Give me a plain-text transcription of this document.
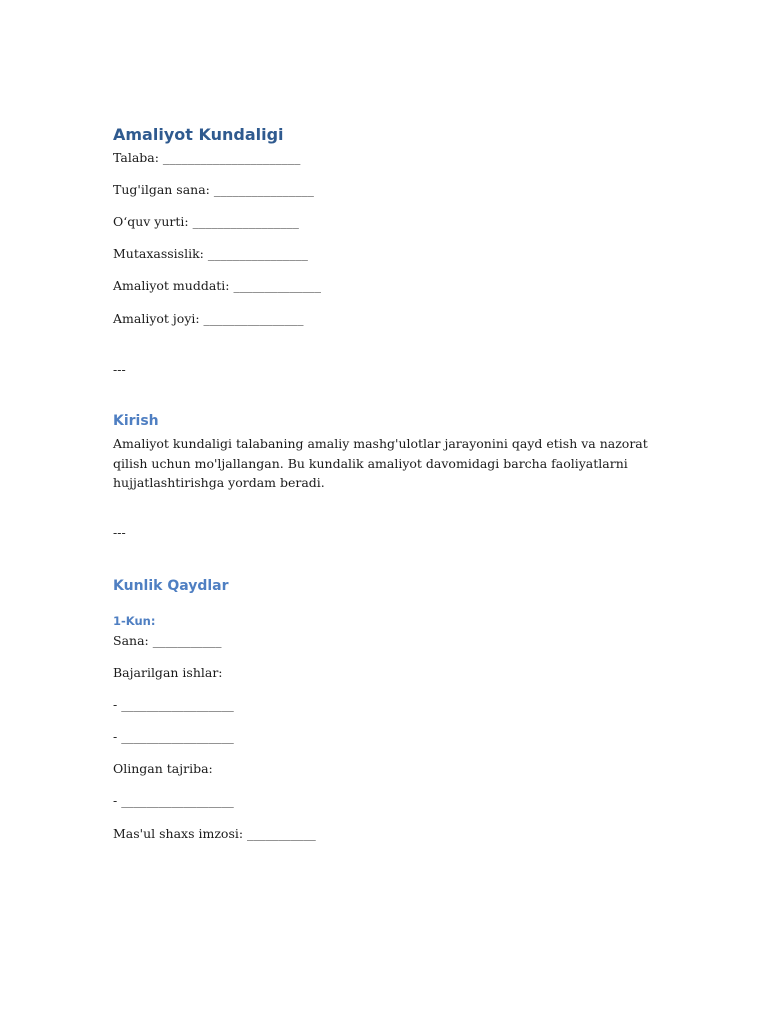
Amaliyot Kundaligi
Talaba: ______________________
Tug'ilgan sana: ________________
O‘quv yurti: _________________
Mutaxassislik: ________________
Amaliyot muddati: ______________
Amaliyot joyi: ________________
---
Kirish

Amaliyot kundaligi talabaning amaliy mashg'ulotlar jarayonini qayd etish va nazorat qilish uchun mo'ljallangan. Bu kundalik amaliyot davomidagi barcha faoliyatlarni hujjatlashtirishga yordam beradi.

---
Kunlik Qaydlar
1-Kun:
Sana: ___________
Bajarilgan ishlar:
- __________________
- __________________
Olingan tajriba:
- __________________
Mas'ul shaxs imzosi: ___________
